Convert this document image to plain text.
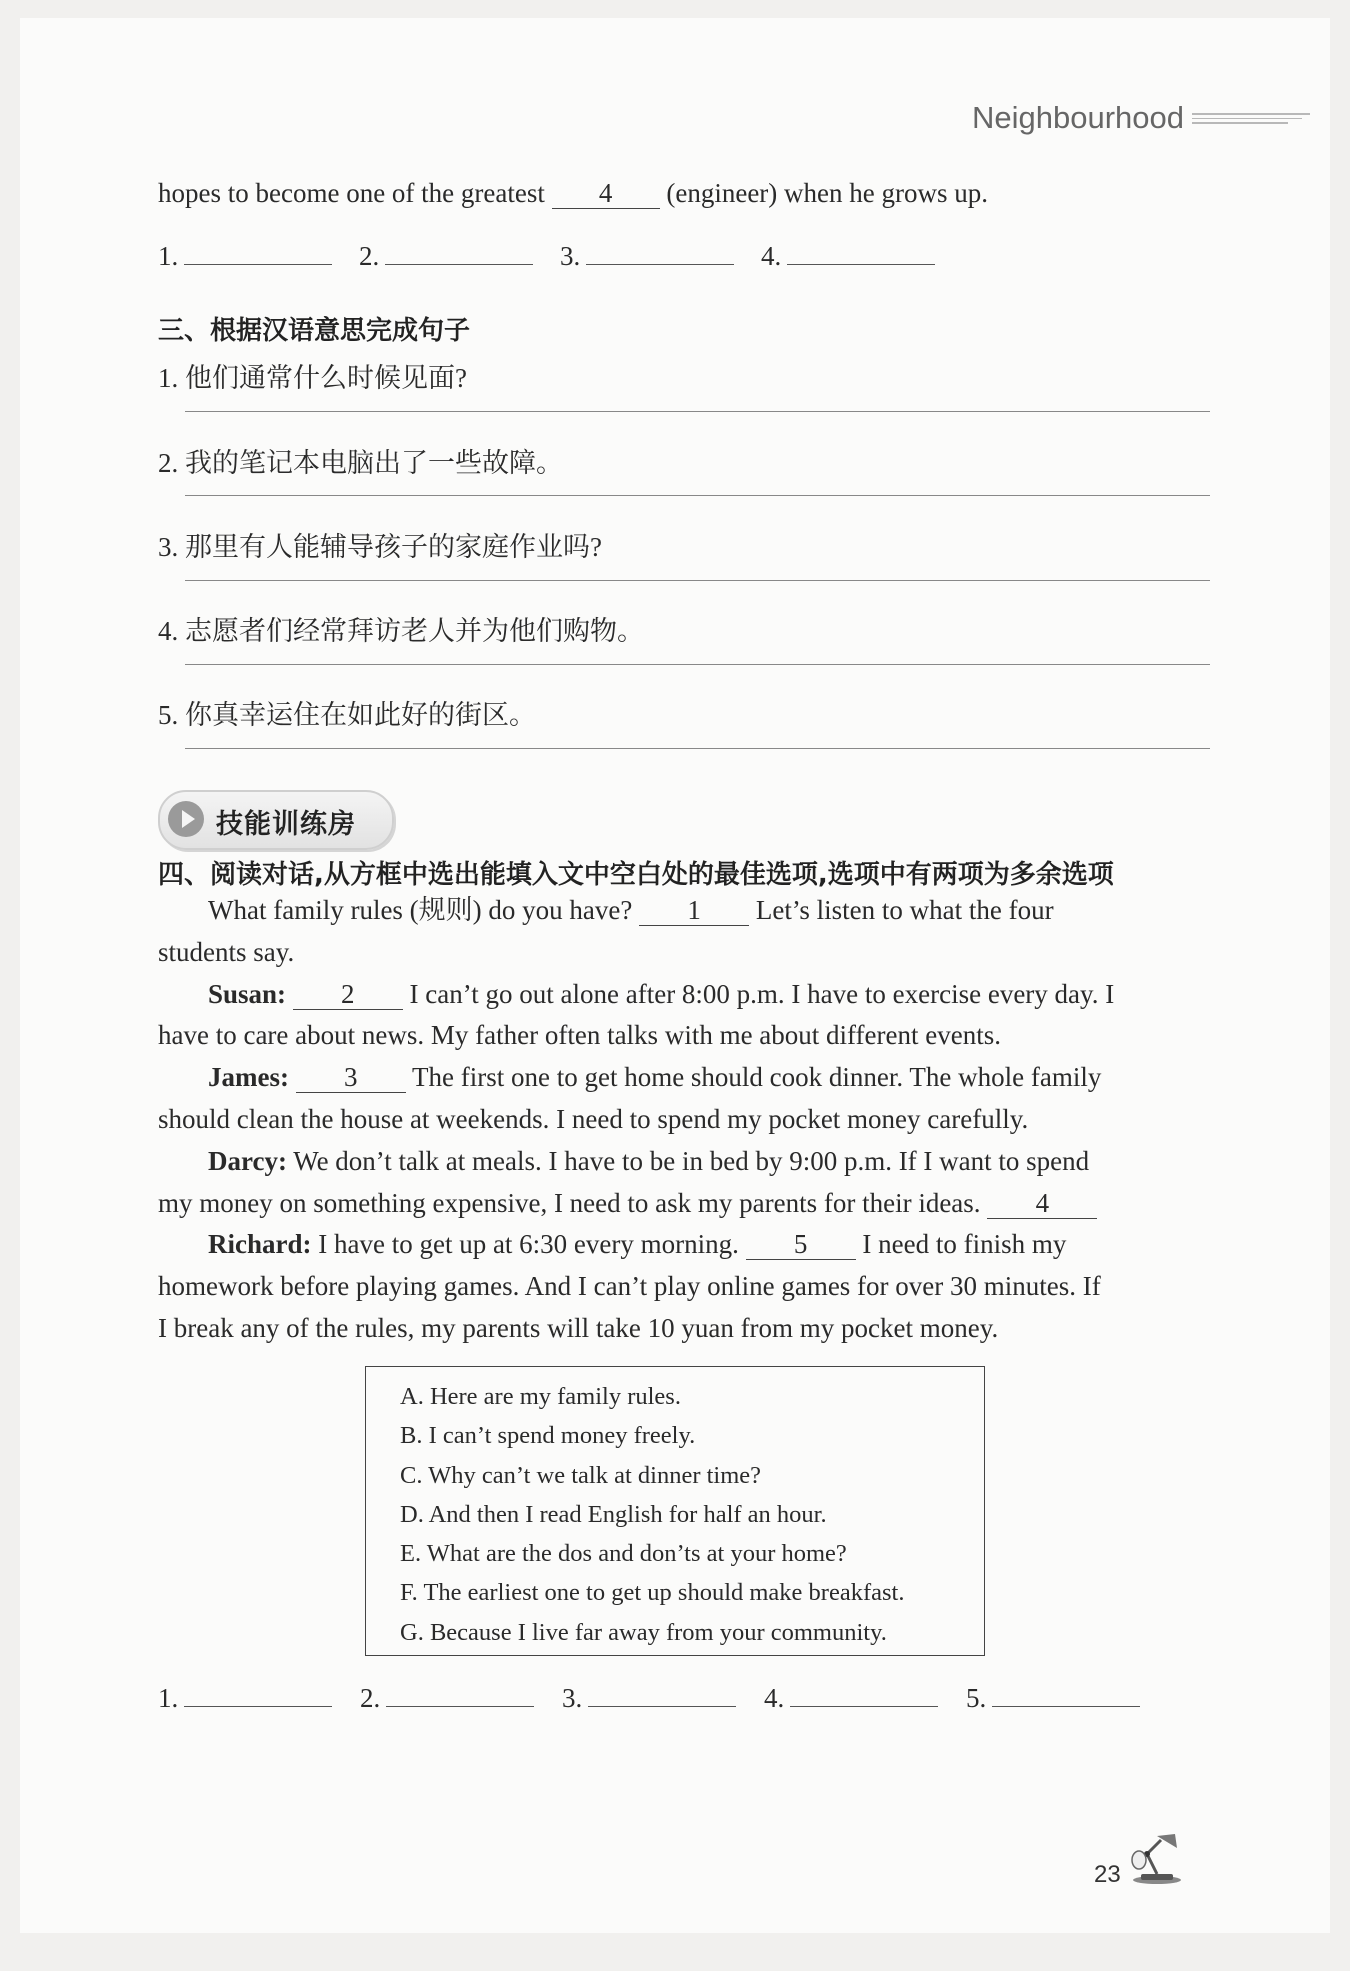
Neighbourhood
hopes to become one of the greatest 4 (engineer) when he grows up.
1.	2.	3.	4.
三、根据汉语意思完成句子
1. 他们通常什么时候见面?
2. 我的笔记本电脑出了一些故障。
3. 那里有人能辅导孩子的家庭作业吗?
4. 志愿者们经常拜访老人并为他们购物。
5. 你真幸运住在如此好的街区。
技能训练房
四、阅读对话,从方框中选出能填入文中空白处的最佳选项,选项中有两项为多余选项

What family rules (规则) do you have? 1 Let’s listen to what the four

students say.

Susan: 2 I can’t go out alone after 8:00 p.m. I have to exercise every day. I

have to care about news. My father often talks with me about different events.

James: 3 The first one to get home should cook dinner. The whole family

should clean the house at weekends. I need to spend my pocket money carefully.

Darcy: We don’t talk at meals. I have to be in bed by 9:00 p.m. If I want to spend

my money on something expensive, I need to ask my parents for their ideas. 4

Richard: I have to get up at 6:30 every morning. 5 I need to finish my

homework before playing games. And I can’t play online games for over 30 minutes. If

I break any of the rules, my parents will take 10 yuan from my pocket money.

A. Here are my family rules.
B. I can’t spend money freely.
C. Why can’t we talk at dinner time?
D. And then I read English for half an hour.
E. What are the dos and don’ts at your home?
F. The earliest one to get up should make breakfast.
G. Because I live far away from your community.
1.	2.	3.	4.	5.
23
